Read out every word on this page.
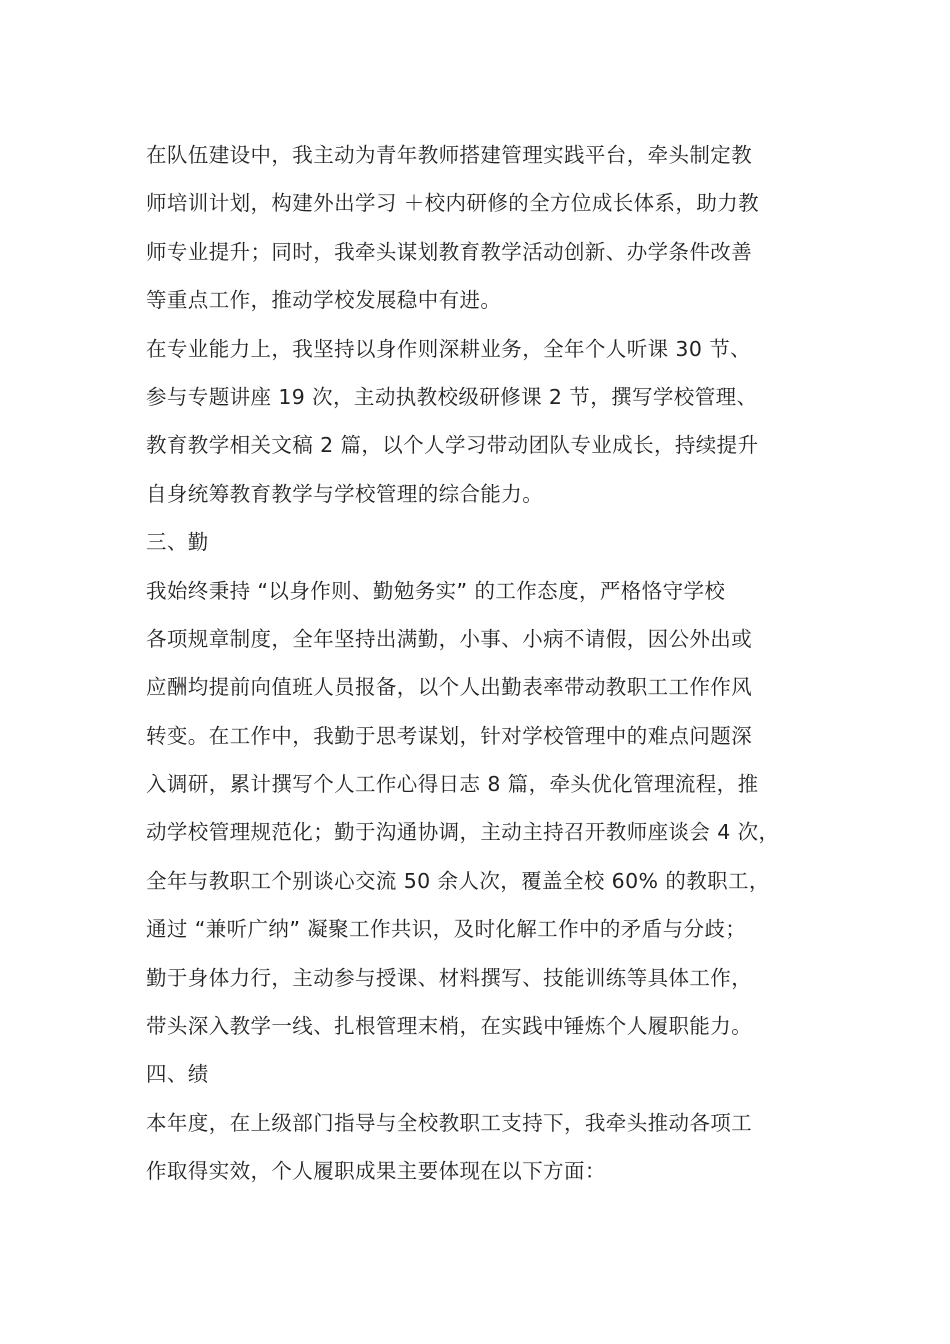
在队伍建设中，我主动为青年教师搭建管理实践平台，牵头制定教
师培训计划，构建外出学习 ＋校内研修的全方位成长体系，助力教
师专业提升；同时，我牵头谋划教育教学活动创新、办学条件改善
等重点工作，推动学校发展稳中有进。
在专业能力上，我坚持以身作则深耕业务，全年个人听课 30 节、
参与专题讲座 19 次，主动执教校级研修课 2 节，撰写学校管理、
教育教学相关文稿 2 篇，以个人学习带动团队专业成长，持续提升
自身统筹教育教学与学校管理的综合能力。
三、勤
我始终秉持 “以身作则、勤勉务实” 的工作态度，严格恪守学校
各项规章制度，全年坚持出满勤，小事、小病不请假，因公外出或
应酬均提前向值班人员报备，以个人出勤表率带动教职工工作作风
转变。在工作中，我勤于思考谋划，针对学校管理中的难点问题深
入调研，累计撰写个人工作心得日志 8 篇，牵头优化管理流程，推
动学校管理规范化；勤于沟通协调，主动主持召开教师座谈会 4 次，
全年与教职工个别谈心交流 50 余人次，覆盖全校 60% 的教职工，
通过 “兼听广纳” 凝聚工作共识，及时化解工作中的矛盾与分歧；
勤于身体力行，主动参与授课、材料撰写、技能训练等具体工作，
带头深入教学一线、扎根管理末梢，在实践中锤炼个人履职能力。
四、绩
本年度，在上级部门指导与全校教职工支持下，我牵头推动各项工
作取得实效，个人履职成果主要体现在以下方面：
